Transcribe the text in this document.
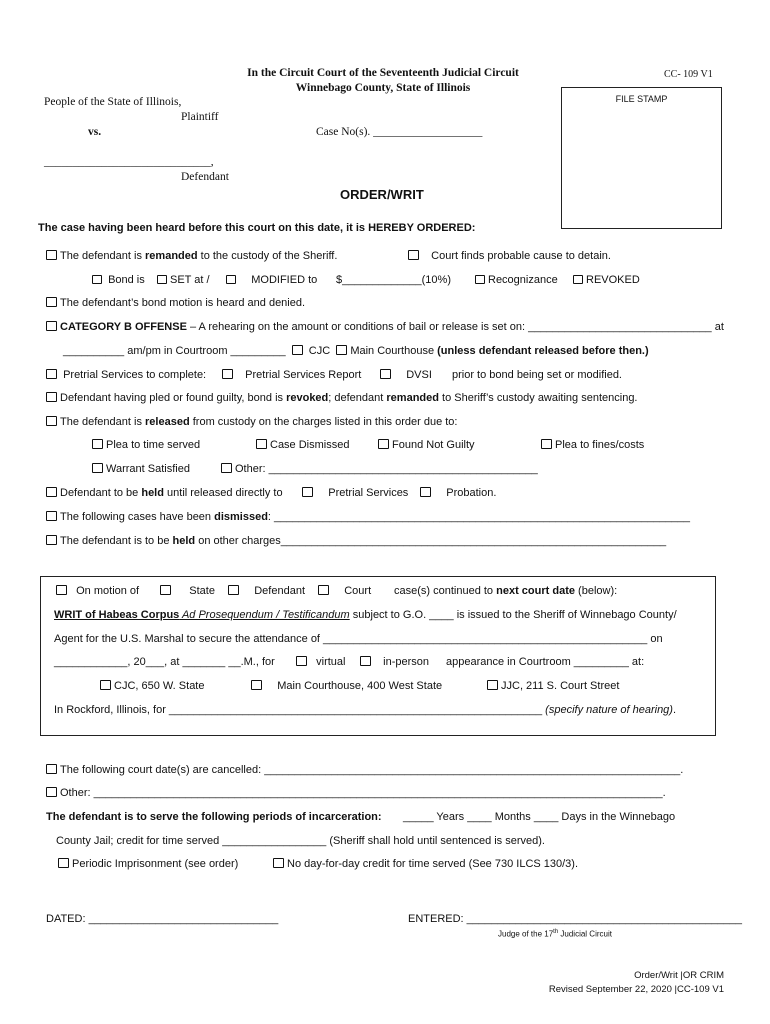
In the Circuit Court of the Seventeenth Judicial Circuit
Winnebago County, State of Illinois
CC- 109 V1
FILE STAMP
People of the State of Illinois,
Plaintiff
vs.	Case No(s). ___________________
_____________________________,
Defendant
ORDER/WRIT
The case having been heard before this court on this date, it is HEREBY ORDERED:
The defendant is remanded to the custody of the Sheriff.	Court finds probable cause to detain.
Bond is	SET at /	MODIFIED to $_____________(10%)	Recognizance	REVOKED
The defendant’s bond motion is heard and denied.
CATEGORY B OFFENSE – A rehearing on the amount or conditions of bail or release is set on: ______________________________ at
__________ am/pm in Courtroom _________ CJC Main Courthouse (unless defendant released before then.)
Pretrial Services to complete:	Pretrial Services Report	DVSI prior to bond being set or modified.
Defendant having pled or found guilty, bond is revoked; defendant remanded to Sheriff’s custody awaiting sentencing.
The defendant is released from custody on the charges listed in this order due to:
Plea to time served	Case Dismissed	Found Not Guilty	Plea to fines/costs
Warrant Satisfied	Other: ____________________________________________
Defendant to be held until released directly to	Pretrial Services	Probation.
The following cases have been dismissed: ____________________________________________________________________
The defendant is to be held on other charges_______________________________________________________________
On motion of	State	Defendant	Court case(s) continued to next court date (below):
WRIT of Habeas Corpus Ad Prosequendum / Testificandum subject to G.O. ____ is issued to the Sheriff of Winnebago County/
Agent for the U.S. Marshal to secure the attendance of _____________________________________________________ on
____________, 20___, at _______ __.M., for	virtual	in-person appearance in Courtroom _________ at:
CJC, 650 W. State	Main Courthouse, 400 West State	JJC, 211 S. Court Street
In Rockford, Illinois, for _____________________________________________________________ (specify nature of hearing).
The following court date(s) are cancelled: ____________________________________________________________________.
Other: _____________________________________________________________________________________________.
The defendant is to serve the following periods of incarceration: _____ Years ____ Months ____ Days in the Winnebago
County Jail; credit for time served _________________ (Sheriff shall hold until sentenced is served).
Periodic Imprisonment (see order)	No day-for-day credit for time served (See 730 ILCS 130/3).
DATED: _______________________________	ENTERED: _____________________________________________
Judge of the 17th Judicial Circuit
Order/Writ |OR CRIM
Revised September 22, 2020 |CC-109 V1
